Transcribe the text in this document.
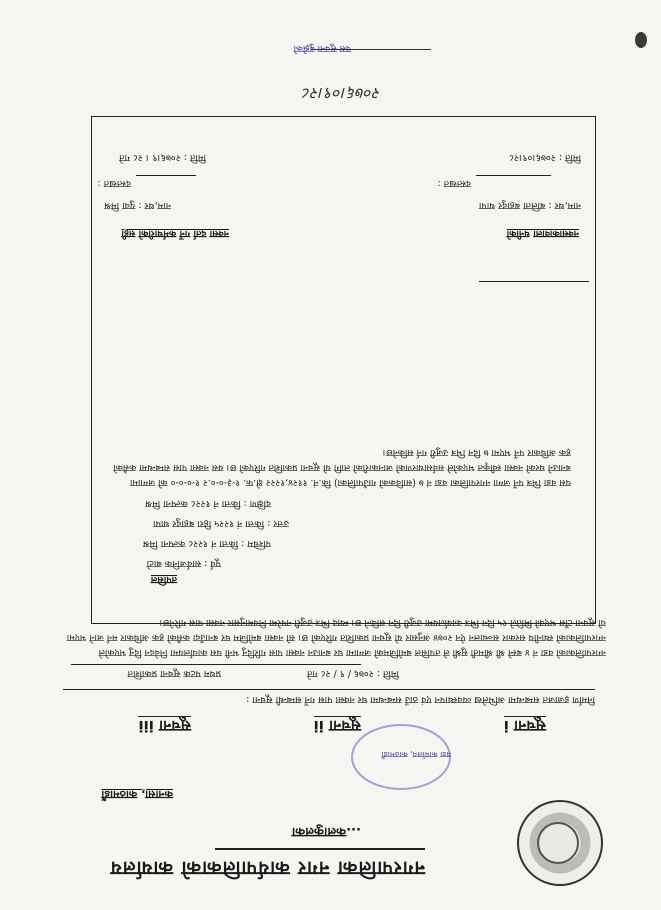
वडा कार्यालय, काठमाडौं
नगरपालिका नगर कार्यपालिकाको कार्यालय
...कलाकुलका
कनासा, काठमाडौं
सूचना i
सूचना ii
सूचना iii
निर्माण इजाजत सम्बन्धमा अभिलेख व्यवस्थापन एवं ठाउँ सम्बन्धमा घर नक्सा पास गर्ने सम्बन्धी सूचना :
मिति : २०७६ / ९ / २८ गते
प्रथम पटक सूचना प्रकाशित
नगरपालिकाको वडा नं ४ बस्ने श्री श्रीमती सुश्री ले तपसिल बमोजिमको जग्गामा घर बनाउन नक्सा पास गरिदिनु भनी यस कार्यालयमा निवेदन दिनु भएकोले नगरपालिकाको स्थानीय सरकार सञ्चालन ऐन २०७४ अनुसार यो सूचना प्रकाशित गरिएको छ। सो नक्सा बमोजिम घर बनाउँदा कसैको हक अधिकार मर्न जाने भएमा यो सूचना टाँस भएको मितिले १५ दिन भित्र कार्यालयमा उजुरी दिन सकिने छ। म्याद भित्र उजुरी नपरेमा नियमानुसार नक्सा पास गरिनेछ।
तपसिल
पूर्व : सार्वजनिक बाटो
पश्चिम : कित्ता नं १२२८ कल्पना मिश्र
उत्तर : कित्ता नं १२२५ हिरा बहादुर थापा
दक्षिण : कित्ता नं १२२८ कल्पना मिश्र
यस वडा भित्र पर्ने जग्गा नगरपालिका वडा नं ७ (साविकको गाउँपालिका) कि.नं. ११२४,१२२२ क्षे.फ. १-३-०-०.२ १-०-०-० को जग्गामा बनाउने घरको नक्सा स्वीकृत भएकोले सर्वसाधारणको जानकारीको लागि यो सूचना प्रकाशित गरिएको छ। यस नक्सा पास सम्बन्धमा कसैको हक अधिकार पर्ने भएमा ७ दिन भित्र उजुरी गर्न सकिनेछ।
नक्सा दर्ता गर्ने कर्मचारीको सही	नक्साकावाला धनीको
नाम,थर : युवा मिश्र	नाम,थर : बलिता बहादुर थापा
दस्तखत :	दस्तखत :
मिति : २०७६।९ । २८ गते	मिति : २०७६।०९।२८
२०७६।०९।२८
यस सूचना बुझेको
